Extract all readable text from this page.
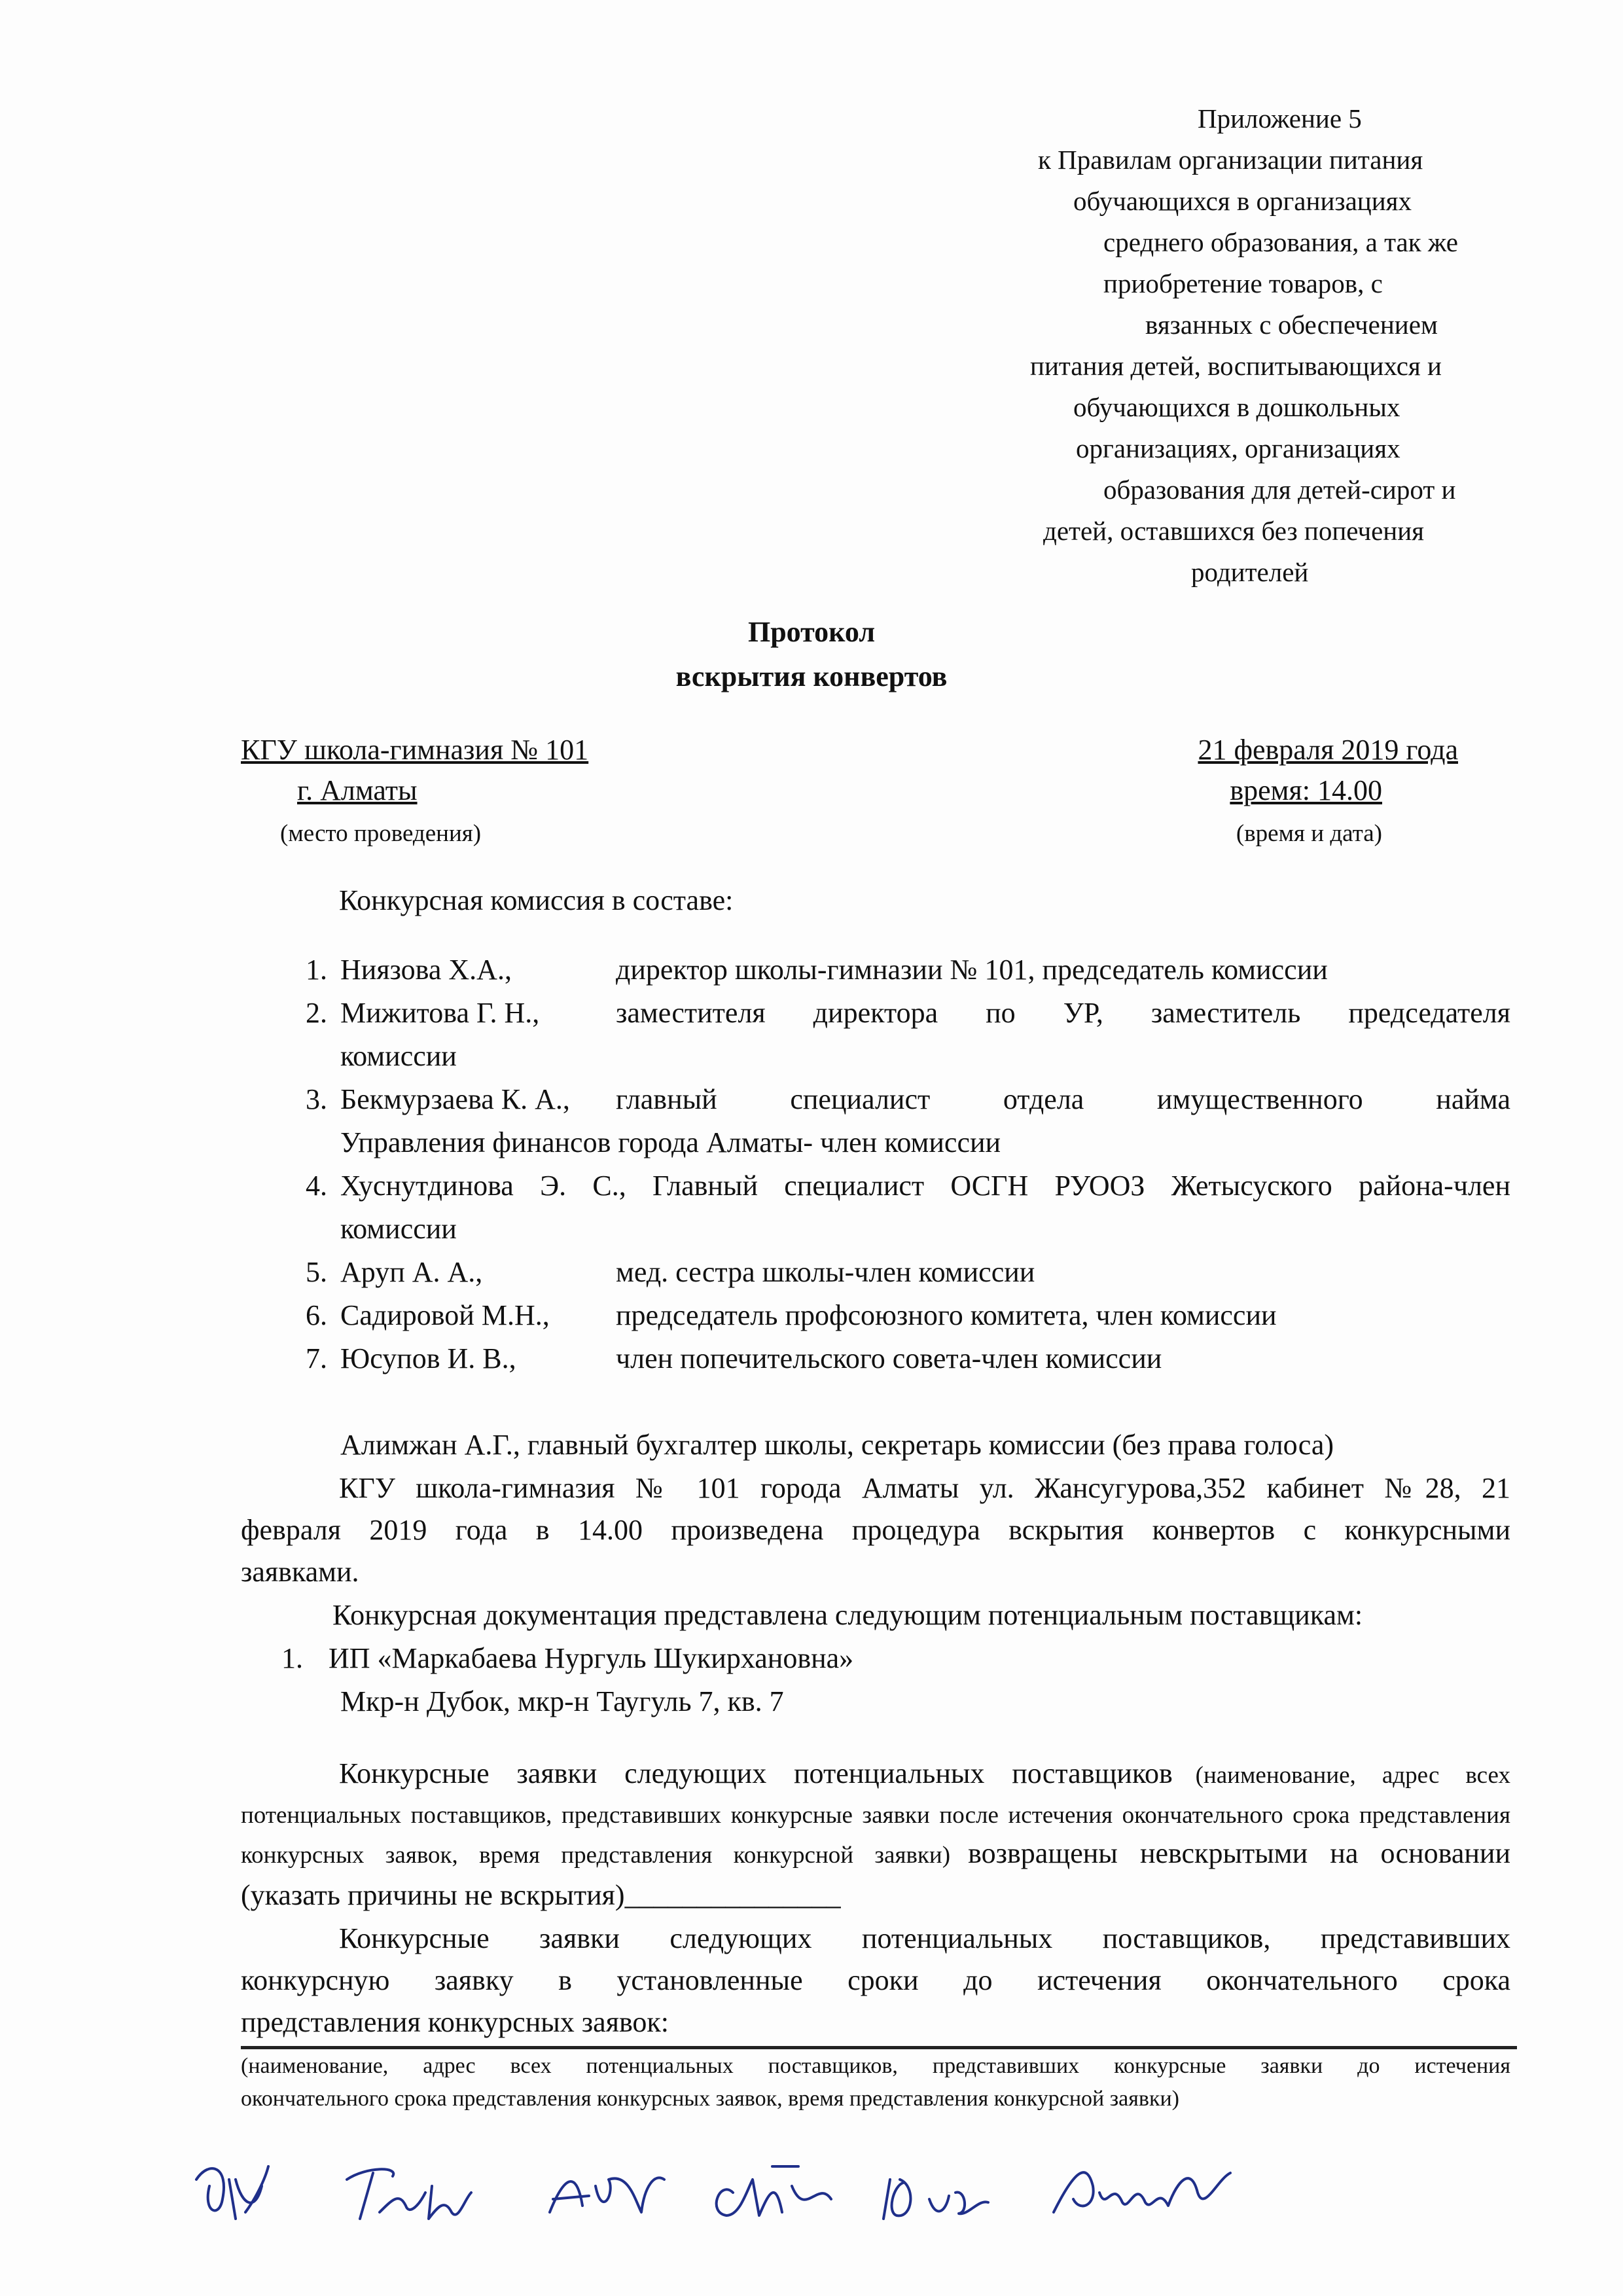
Приложение 5
к Правилам организации питания
обучающихся в организациях
среднего образования, а так же
приобретение товаров, с
вязанных с обеспечением
питания детей, воспитывающихся и
обучающихся в дошкольных
организациях, организациях
образования для детей-сирот и
детей, оставшихся без попечения
родителей
Протокол
вскрытия конвертов
КГУ школа-гимназия № 101
г. Алматы
(место проведения)
21 февраля 2019 года
время: 14.00
(время и дата)
Конкурсная комиссия в составе:
1. Ниязова Х.А.,	директор школы-гимназии № 101, председатель комиссии
2. Мижитова Г. Н.,	заместителя директора по УР, заместитель председателя
комиссии
3. Бекмурзаева К. А., главный специалист отдела имущественного найма
Управления финансов города Алматы- член комиссии
4. Хуснутдинова Э. С., Главный специалист ОСГН РУООЗ Жетысуского района-член
комиссии
5. Аруп А. А.,	мед. сестра школы-член комиссии
6. Садировой М.Н., председатель профсоюзного комитета, член комиссии
7. Юсупов И. В.,	член попечительского совета-член комиссии
Алимжан А.Г., главный бухгалтер школы, секретарь комиссии (без права голоса)
КГУ школа-гимназия № 101 города Алматы ул. Жансугурова,352 кабинет №28, 21
февраля 2019 года в 14.00 произведена процедура вскрытия конвертов с конкурсными
заявками.
Конкурсная документация представлена следующим потенциальным поставщикам:
1. ИП «Маркабаева Нургуль Шукирхановна»
Мкр-н Дубок, мкр-н Таугуль 7, кв. 7
Конкурсные заявки следующих потенциальных поставщиков (наименование, адрес всех
потенциальных поставщиков, представивших конкурсные заявки после истечения окончательного срока представления
конкурсных заявок, время представления конкурсной заявки) возвращены невскрытыми на основании
(указать причины не вскрытия)_______________
Конкурсные заявки следующих потенциальных поставщиков, представивших
конкурсную заявку в установленные сроки до истечения окончательного срока
представления конкурсных заявок:
(наименование, адрес всех потенциальных поставщиков, представивших конкурсные заявки до истечения
окончательного срока представления конкурсных заявок, время представления конкурсной заявки)
